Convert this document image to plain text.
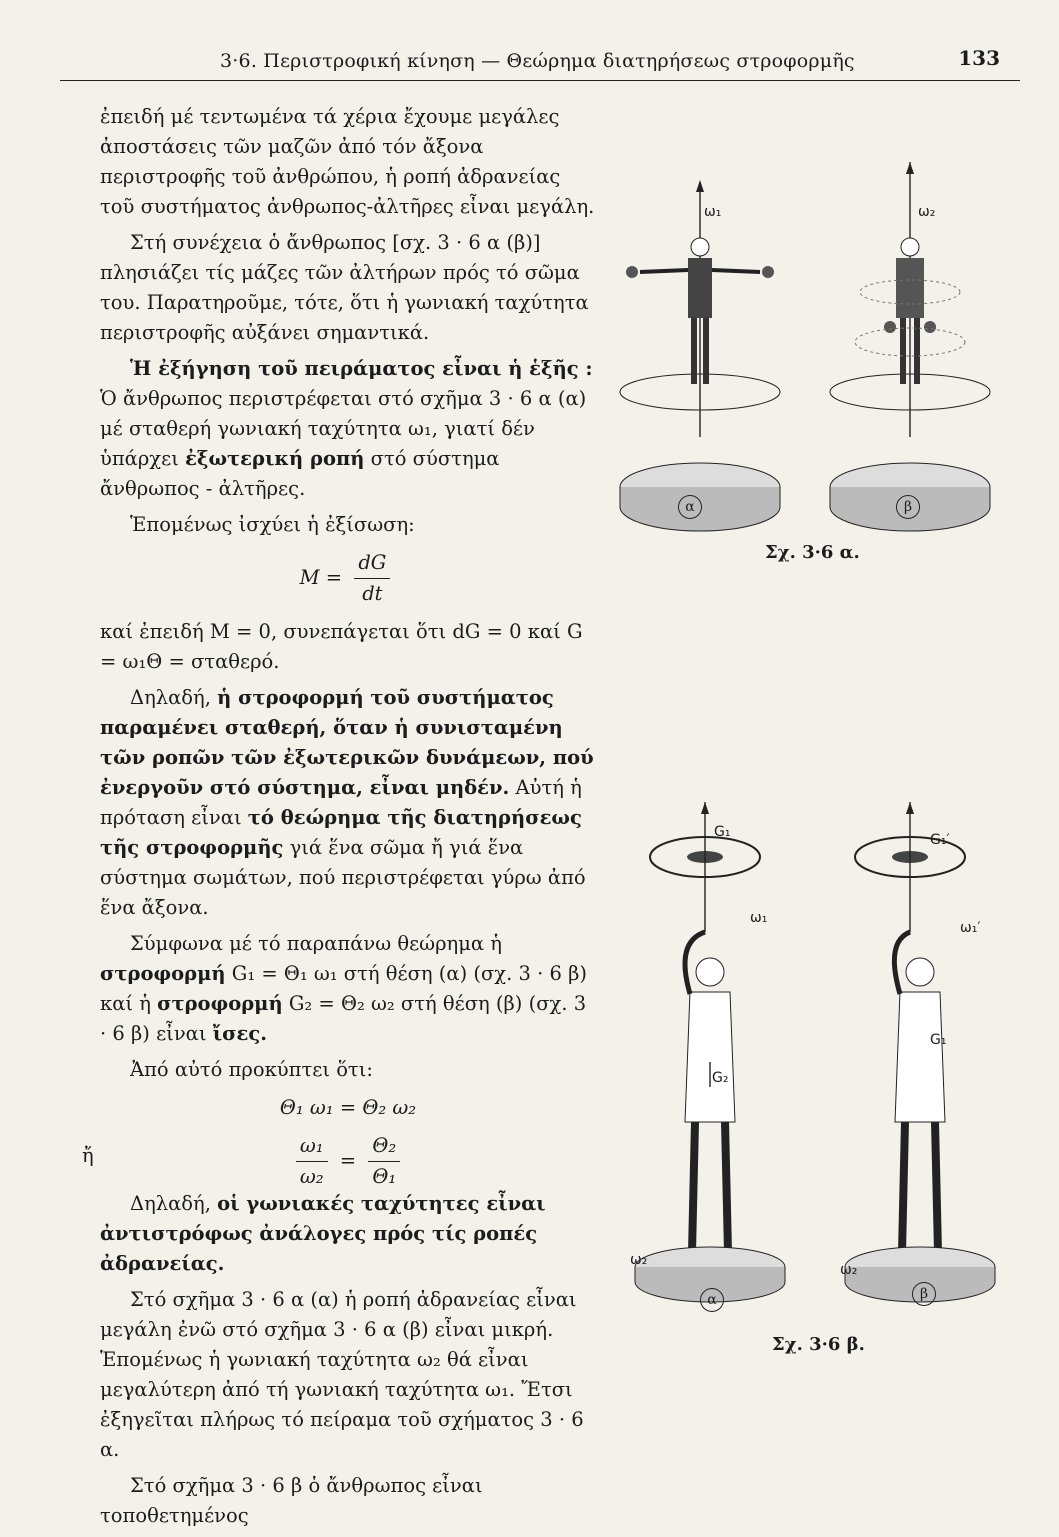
3·6. Περιστροφική κίνηση — Θεώρημα διατηρήσεως στροφορμῆς	133

ἐπειδή μέ τεντωμένα τά χέρια ἔχουμε μεγάλες ἀποστάσεις τῶν μαζῶν ἀπό τόν ἄξονα περιστροφῆς τοῦ ἀνθρώπου, ἡ ροπή ἀδρανείας τοῦ συστήματος ἀνθρωπος-ἀλτῆρες εἶναι μεγάλη.

Στή συνέχεια ὁ ἄνθρωπος [σχ. 3 · 6 α (β)] πλησιάζει τίς μάζες τῶν ἀλτήρων πρός τό σῶμα του. Παρατηροῦμε, τότε, ὅτι ἡ γωνιακή ταχύτητα περιστροφῆς αὐξάνει σημαντικά.

Ἡ ἐξήγηση τοῦ πειράματος εἶναι ἡ ἑξῆς : Ὁ ἄνθρωπος περιστρέφεται στό σχῆμα 3 · 6 α (α) μέ σταθερή γωνιακή ταχύτητα ω₁, γιατί δέν ὑπάρχει ἐξωτερική ροπή στό σύστημα ἄνθρωπος - ἀλτῆρες.

Ἑπομένως ἰσχύει ἡ ἐξίσωση:

$M = \frac{dG}{dt}$

καί ἐπειδή M = 0, συνεπάγεται ὅτι dG = 0 καί G = ω₁Θ = σταθερό.

Δηλαδή, ἡ στροφορμή τοῦ συστήματος παραμένει σταθερή, ὅταν ἡ συνισταμένη τῶν ροπῶν τῶν ἐξωτερικῶν δυνάμεων, πού ἐνεργοῦν στό σύστημα, εἶναι μηδέν. Αὐτή ἡ πρόταση εἶναι τό θεώρημα τῆς διατηρήσεως τῆς στροφορμῆς γιά ἕνα σῶμα ἤ γιά ἕνα σύστημα σωμάτων, πού περιστρέφεται γύρω ἀπό ἕνα ἄξονα.

Σύμφωνα μέ τό παραπάνω θεώρημα ἡ στροφορμή G₁ = Θ₁ ω₁ στή θέση (α) (σχ. 3 · 6 β) καί ἡ στροφορμή G₂ = Θ₂ ω₂ στή θέση (β) (σχ. 3 · 6 β) εἶναι ἴσες.

Ἀπό αὐτό προκύπτει ὅτι:

Θ₁ ω₁ = Θ₂ ω₂
ἤ	$\frac{\text{ω₁}}{\text{ω₂}} = \frac{\text{Θ₂}}{\text{Θ₁}}$

Δηλαδή, οἱ γωνιακές ταχύτητες εἶναι ἀντιστρόφως ἀνάλογες πρός τίς ροπές ἀδρανείας.

Στό σχῆμα 3 · 6 α (α) ἡ ροπή ἀδρανείας εἶναι μεγάλη ἐνῶ στό σχῆμα 3 · 6 α (β) εἶναι μικρή. Ἑπομένως ἡ γωνιακή ταχύτητα ω₂ θά εἶναι μεγαλύτερη ἀπό τή γωνιακή ταχύτητα ω₁. Ἔτσι ἐξηγεῖται πλήρως τό πείραμα τοῦ σχήματος 3 · 6 α.

Στό σχῆμα 3 · 6 β ὁ ἄνθρωπος εἶναι τοποθετημένος

ω₁	ω₂
α	β
Σχ. 3·6 α.
G₁	G₁′
ω₁
ω₁′
G₂
G₁
ω₂
ω₂
α	β
Σχ. 3·6 β.
